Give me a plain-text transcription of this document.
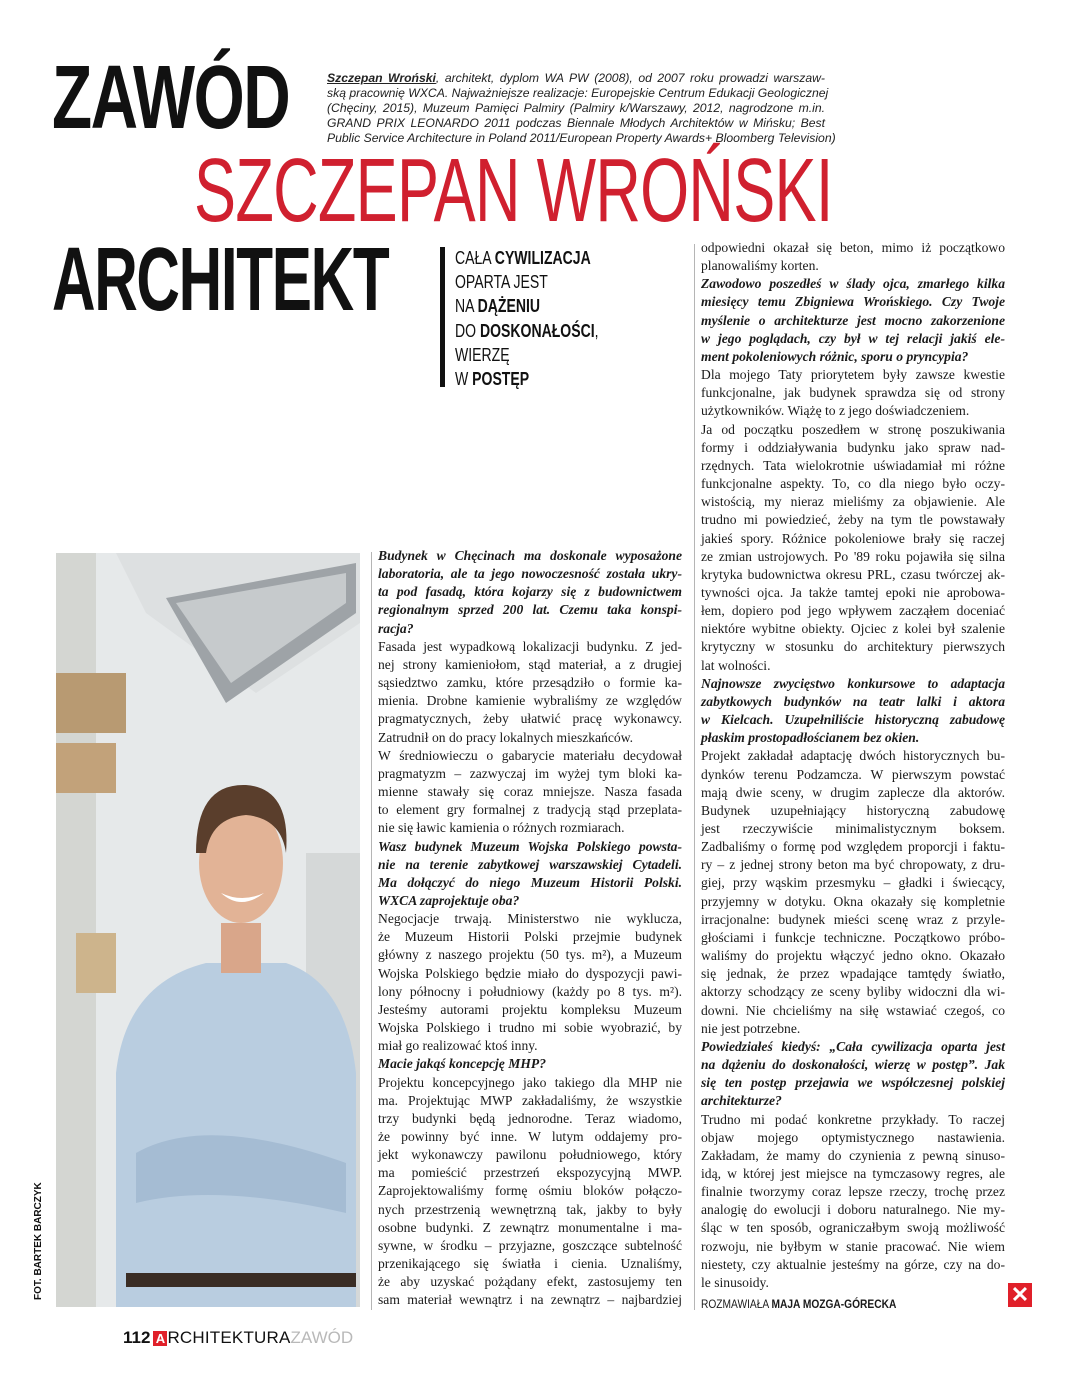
ZAWÓD
SZCZEPAN WROŃSKI
ARCHITEKT
Szczepan Wroński, architekt, dyplom WA PW (2008), od 2007 roku prowadzi warszaw-
ską pracownię WXCA. Najważniejsze realizacje: Europejskie Centrum Edukacji Geologicznej
(Chęciny, 2015), Muzeum Pamięci Palmiry (Palmiry k/Warszawy, 2012, nagrodzone m.in.
GRAND PRIX LEONARDO 2011 podczas Biennale Młodych Architektów w Mińsku; Best
Public Service Architecture in Poland 2011/European Property Awards+ Bloomberg Television)
CAŁA CYWILIZACJA
OPARTA JEST
NA DĄŻENIU
DO DOSKONAŁOŚCI,
WIERZĘ
W POSTĘP
FOT. BARTEK BARCZYK
Budynek w Chęcinach ma doskonale wyposażone
laboratoria, ale ta jego nowoczesność została ukry-
ta pod fasadą, która kojarzy się z budownictwem
regionalnym sprzed 200 lat. Czemu taka konspi-
racja?
Fasada jest wypadkową lokalizacji budynku. Z jed-
nej strony kamieniołom, stąd materiał, a z drugiej
sąsiedztwo zamku, które przesądziło o formie ka-
mienia. Drobne kamienie wybraliśmy ze względów
pragmatycznych, żeby ułatwić pracę wykonawcy.
Zatrudnił on do pracy lokalnych mieszkańców.
W średniowieczu o gabarycie materiału decydował
pragmatyzm – zazwyczaj im wyżej tym bloki ka-
mienne stawały się coraz mniejsze. Nasza fasada
to element gry formalnej z tradycją stąd przeplata-
nie się ławic kamienia o różnych rozmiarach.
Wasz budynek Muzeum Wojska Polskiego powsta-
nie na terenie zabytkowej warszawskiej Cytadeli.
Ma dołączyć do niego Muzeum Historii Polski.
WXCA zaprojektuje oba?
Negocjacje trwają. Ministerstwo nie wyklucza,
że Muzeum Historii Polski przejmie budynek
główny z naszego projektu (50 tys. m²), a Muzeum
Wojska Polskiego będzie miało do dyspozycji pawi-
lony północny i południowy (każdy po 8 tys. m²).
Jesteśmy autorami projektu kompleksu Muzeum
Wojska Polskiego i trudno mi sobie wyobrazić, by
miał go realizować ktoś inny.
Macie jakąś koncepcję MHP?
Projektu koncepcyjnego jako takiego dla MHP nie
ma. Projektując MWP zakładaliśmy, że wszystkie
trzy budynki będą jednorodne. Teraz wiadomo,
że powinny być inne. W lutym oddajemy pro-
jekt wykonawczy pawilonu południowego, który
ma pomieścić przestrzeń ekspozycyjną MWP.
Zaprojektowaliśmy formę ośmiu bloków połączo-
nych przestrzenią wewnętrzną tak, jakby to były
osobne budynki. Z zewnątrz monumentalne i ma-
sywne, w środku – przyjazne, goszczące subtelność
przenikającego się światła i cienia. Uznaliśmy,
że aby uzyskać pożądany efekt, zastosujemy ten
sam materiał wewnątrz i na zewnątrz – najbardziej
odpowiedni okazał się beton, mimo iż początkowo
planowaliśmy korten.
Zawodowo poszedłeś w ślady ojca, zmarłego kilka
miesięcy temu Zbigniewa Wrońskiego. Czy Twoje
myślenie o architekturze jest mocno zakorzenione
w jego poglądach, czy był w tej relacji jakiś ele-
ment pokoleniowych różnic, sporu o pryncypia?
Dla mojego Taty priorytetem były zawsze kwestie
funkcjonalne, jak budynek sprawdza się od strony
użytkowników. Wiążę to z jego doświadczeniem.
Ja od początku poszedłem w stronę poszukiwania
formy i oddziaływania budynku jako spraw nad-
rzędnych. Tata wielokrotnie uświadamiał mi różne
funkcjonalne aspekty. To, co dla niego było oczy-
wistością, my nieraz mieliśmy za objawienie. Ale
trudno mi powiedzieć, żeby na tym tle powstawały
jakieś spory. Różnice pokoleniowe brały się raczej
ze zmian ustrojowych. Po '89 roku pojawiła się silna
krytyka budownictwa okresu PRL, czasu twórczej ak-
tywności ojca. Ja także tamtej epoki nie aprobowa-
łem, dopiero pod jego wpływem zacząłem doceniać
niektóre wybitne obiekty. Ojciec z kolei był szalenie
krytyczny w stosunku do architektury pierwszych
lat wolności.
Najnowsze zwycięstwo konkursowe to adaptacja
zabytkowych budynków na teatr lalki i aktora
w Kielcach. Uzupełniliście historyczną zabudowę
płaskim prostopadłościanem bez okien.
Projekt zakładał adaptację dwóch historycznych bu-
dynków terenu Podzamcza. W pierwszym powstać
mają dwie sceny, w drugim zaplecze dla aktorów.
Budynek uzupełniający historyczną zabudowę
jest rzeczywiście minimalistycznym boksem.
Zadbaliśmy o formę pod względem proporcji i faktu-
ry – z jednej strony beton ma być chropowaty, z dru-
giej, przy wąskim przesmyku – gładki i świecący,
przyjemny w dotyku. Okna okazały się kompletnie
irracjonalne: budynek mieści scenę wraz z przyle-
głościami i funkcje techniczne. Początkowo próbo-
waliśmy do projektu włączyć jedno okno. Okazało
się jednak, że przez wpadające tamtędy światło,
aktorzy schodzący ze sceny byliby widoczni dla wi-
downi. Nie chcieliśmy na siłę wstawiać czegoś, co
nie jest potrzebne.
Powiedziałeś kiedyś: „Cała cywilizacja oparta jest
na dążeniu do doskonałości, wierzę w postęp”. Jak
się ten postęp przejawia we współczesnej polskiej
architekturze?
Trudno mi podać konkretne przykłady. To raczej
objaw mojego optymistycznego nastawienia.
Zakładam, że mamy do czynienia z pewną sinuso-
idą, w której jest miejsce na tymczasowy regres, ale
finalnie tworzymy coraz lepsze rzeczy, trochę przez
analogię do ewolucji i doboru naturalnego. Nie my-
śląc w ten sposób, ograniczałbym swoją możliwość
rozwoju, nie byłbym w stanie pracować. Nie wiem
niestety, czy aktualnie jesteśmy na górze, czy na do-
le sinusoidy.
ROZMAWIAŁA MAJA MOZGA-GÓRECKA	✕
112 A RCHITEKTURA ZAWÓD
